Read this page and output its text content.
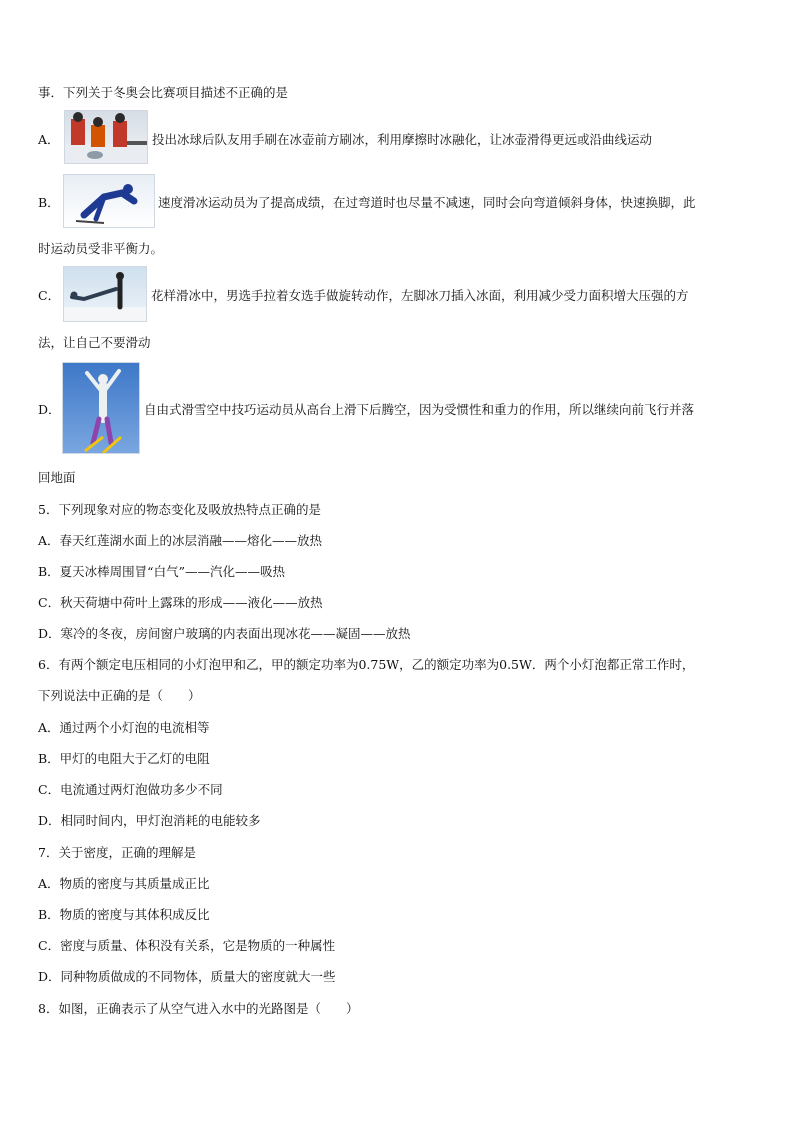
事．下列关于冬奥会比赛项目描述不正确的是
A．	投出冰球后队友用手刷在冰壶前方刷冰，利用摩擦时冰融化，让冰壶滑得更远或沿曲线运动
B．	速度滑冰运动员为了提高成绩，在过弯道时也尽量不减速，同时会向弯道倾斜身体，快速换脚，此
时运动员受非平衡力。
C．	花样滑冰中，男选手拉着女选手做旋转动作，左脚冰刀插入冰面，利用减少受力面积增大压强的方
法，让自己不要滑动
D．	自由式滑雪空中技巧运动员从高台上滑下后腾空，因为受惯性和重力的作用，所以继续向前飞行并落
回地面
5．下列现象对应的物态变化及吸放热特点正确的是
A．春天红莲湖水面上的冰层消融——熔化——放热
B．夏天冰棒周围冒“白气”——汽化——吸热
C．秋天荷塘中荷叶上露珠的形成——液化——放热
D．寒冷的冬夜，房间窗户玻璃的内表面出现冰花——凝固——放热
6．有两个额定电压相同的小灯泡甲和乙，甲的额定功率为0.75W，乙的额定功率为0.5W．两个小灯泡都正常工作时，
下列说法中正确的是（　　）
A．通过两个小灯泡的电流相等
B．甲灯的电阻大于乙灯的电阻
C．电流通过两灯泡做功多少不同
D．相同时间内，甲灯泡消耗的电能较多
7．关于密度，正确的理解是
A．物质的密度与其质量成正比
B．物质的密度与其体积成反比
C．密度与质量、体积没有关系，它是物质的一种属性
D．同种物质做成的不同物体，质量大的密度就大一些
8．如图，正确表示了从空气进入水中的光路图是（　　）
